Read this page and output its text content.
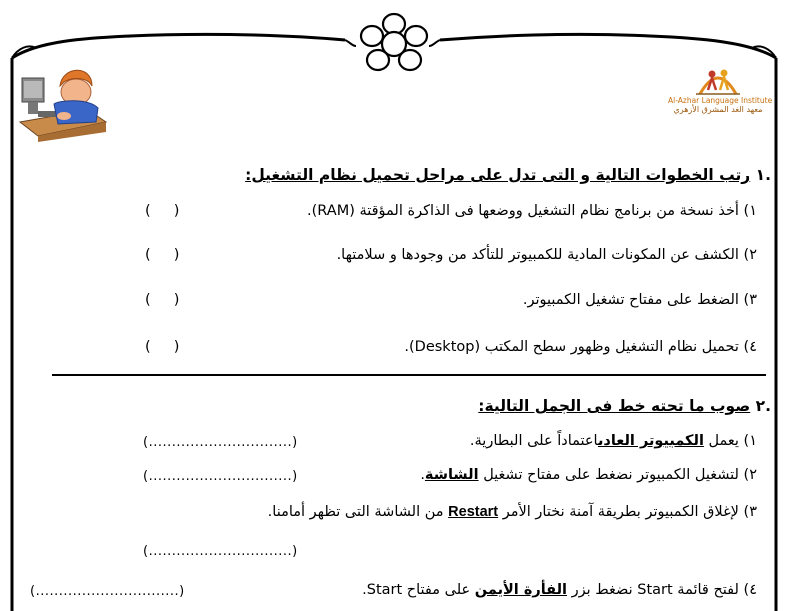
Al-Azhar Language Institute
معهد الغد المشرق الأزهري
.١ رتب الخطوات التالية و التى تدل على مراحل تحميل نظام التشغيل:
١) أخذ نسخة من برنامج نظام التشغيل ووضعها فى الذاكرة المؤقتة (RAM).
(     )
٢) الكشف عن المكونات المادية للكمبيوتر للتأكد من وجودها و سلامتها.
(     )
٣) الضغط على مفتاح تشغيل الكمبيوتر.
(     )
٤) تحميل نظام التشغيل وظهور سطح المكتب (Desktop).
(     )
.٢ صوب ما تحته خط فى الجمل التالية:
١) يعمل الكمبيوتر العادىاعتماداً على البطارية.
(...............................)
٢) لتشغيل الكمبيوتر نضغط على مفتاح تشغيل الشاشة.
(...............................)
٣) لإغلاق الكمبيوتر بطريقة آمنة نختار الأمر Restart من الشاشة التى تظهر أمامنا.
(...............................)
٤) لفتح قائمة Start نضغط بزر الفأرة الأيمن على مفتاح Start.
(...............................)
